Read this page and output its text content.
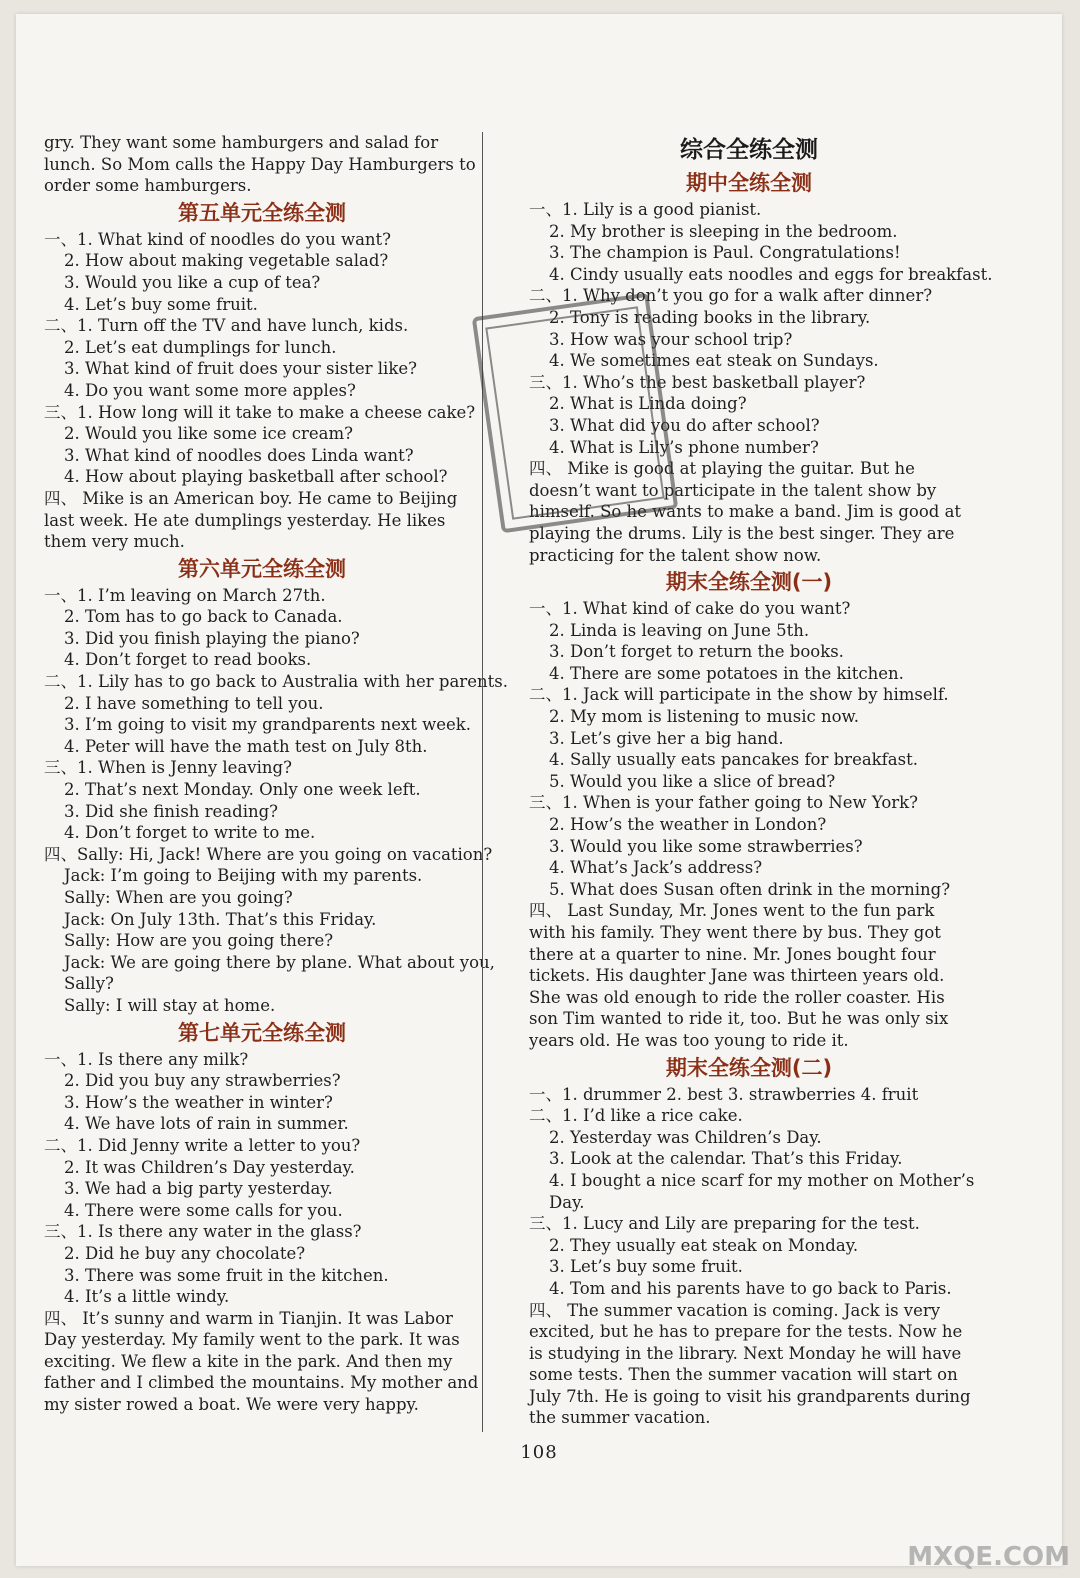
gry. They want some hamburgers and salad for
lunch. So Mom calls the Happy Day Hamburgers to
order some hamburgers.
第五单元全练全测
一、1. What kind of noodles do you want?
2. How about making vegetable salad?
3. Would you like a cup of tea?
4. Let’s buy some fruit.
二、1. Turn off the TV and have lunch, kids.
2. Let’s eat dumplings for lunch.
3. What kind of fruit does your sister like?
4. Do you want some more apples?
三、1. How long will it take to make a cheese cake?
2. Would you like some ice cream?
3. What kind of noodles does Linda want?
4. How about playing basketball after school?
四、 Mike is an American boy. He came to Beijing
last week. He ate dumplings yesterday. He likes
them very much.
第六单元全练全测
一、1. I’m leaving on March 27th.
2. Tom has to go back to Canada.
3. Did you finish playing the piano?
4. Don’t forget to read books.
二、1. Lily has to go back to Australia with her parents.
2. I have something to tell you.
3. I’m going to visit my grandparents next week.
4. Peter will have the math test on July 8th.
三、1. When is Jenny leaving?
2. That’s next Monday. Only one week left.
3. Did she finish reading?
4. Don’t forget to write to me.
四、Sally: Hi, Jack! Where are you going on vacation?
Jack: I’m going to Beijing with my parents.
Sally: When are you going?
Jack: On July 13th. That’s this Friday.
Sally: How are you going there?
Jack: We are going there by plane. What about you,
Sally?
Sally: I will stay at home.
第七单元全练全测
一、1. Is there any milk?
2. Did you buy any strawberries?
3. How’s the weather in winter?
4. We have lots of rain in summer.
二、1. Did Jenny write a letter to you?
2. It was Children’s Day yesterday.
3. We had a big party yesterday.
4. There were some calls for you.
三、1. Is there any water in the glass?
2. Did he buy any chocolate?
3. There was some fruit in the kitchen.
4. It’s a little windy.
四、 It’s sunny and warm in Tianjin. It was Labor
Day yesterday. My family went to the park. It was
exciting. We flew a kite in the park. And then my
father and I climbed the mountains. My mother and
my sister rowed a boat. We were very happy.
综合全练全测
期中全练全测
一、1. Lily is a good pianist.
2. My brother is sleeping in the bedroom.
3. The champion is Paul. Congratulations!
4. Cindy usually eats noodles and eggs for breakfast.
二、1. Why don’t you go for a walk after dinner?
2. Tony is reading books in the library.
3. How was your school trip?
4. We sometimes eat steak on Sundays.
三、1. Who’s the best basketball player?
2. What is Linda doing?
3. What did you do after school?
4. What is Lily’s phone number?
四、 Mike is good at playing the guitar. But he
doesn’t want to participate in the talent show by
himself. So he wants to make a band. Jim is good at
playing the drums. Lily is the best singer. They are
practicing for the talent show now.
期末全练全测(一)
一、1. What kind of cake do you want?
2. Linda is leaving on June 5th.
3. Don’t forget to return the books.
4. There are some potatoes in the kitchen.
二、1. Jack will participate in the show by himself.
2. My mom is listening to music now.
3. Let’s give her a big hand.
4. Sally usually eats pancakes for breakfast.
5. Would you like a slice of bread?
三、1. When is your father going to New York?
2. How’s the weather in London?
3. Would you like some strawberries?
4. What’s Jack’s address?
5. What does Susan often drink in the morning?
四、 Last Sunday, Mr. Jones went to the fun park
with his family. They went there by bus. They got
there at a quarter to nine. Mr. Jones bought four
tickets. His daughter Jane was thirteen years old.
She was old enough to ride the roller coaster. His
son Tim wanted to ride it, too. But he was only six
years old. He was too young to ride it.
期末全练全测(二)
一、1. drummer 2. best 3. strawberries 4. fruit
二、1. I’d like a rice cake.
2. Yesterday was Children’s Day.
3. Look at the calendar. That’s this Friday.
4. I bought a nice scarf for my mother on Mother’s
Day.
三、1. Lucy and Lily are preparing for the test.
2. They usually eat steak on Monday.
3. Let’s buy some fruit.
4. Tom and his parents have to go back to Paris.
四、 The summer vacation is coming. Jack is very
excited, but he has to prepare for the tests. Now he
is studying in the library. Next Monday he will have
some tests. Then the summer vacation will start on
July 7th. He is going to visit his grandparents during
the summer vacation.
108
MXQE.COM
